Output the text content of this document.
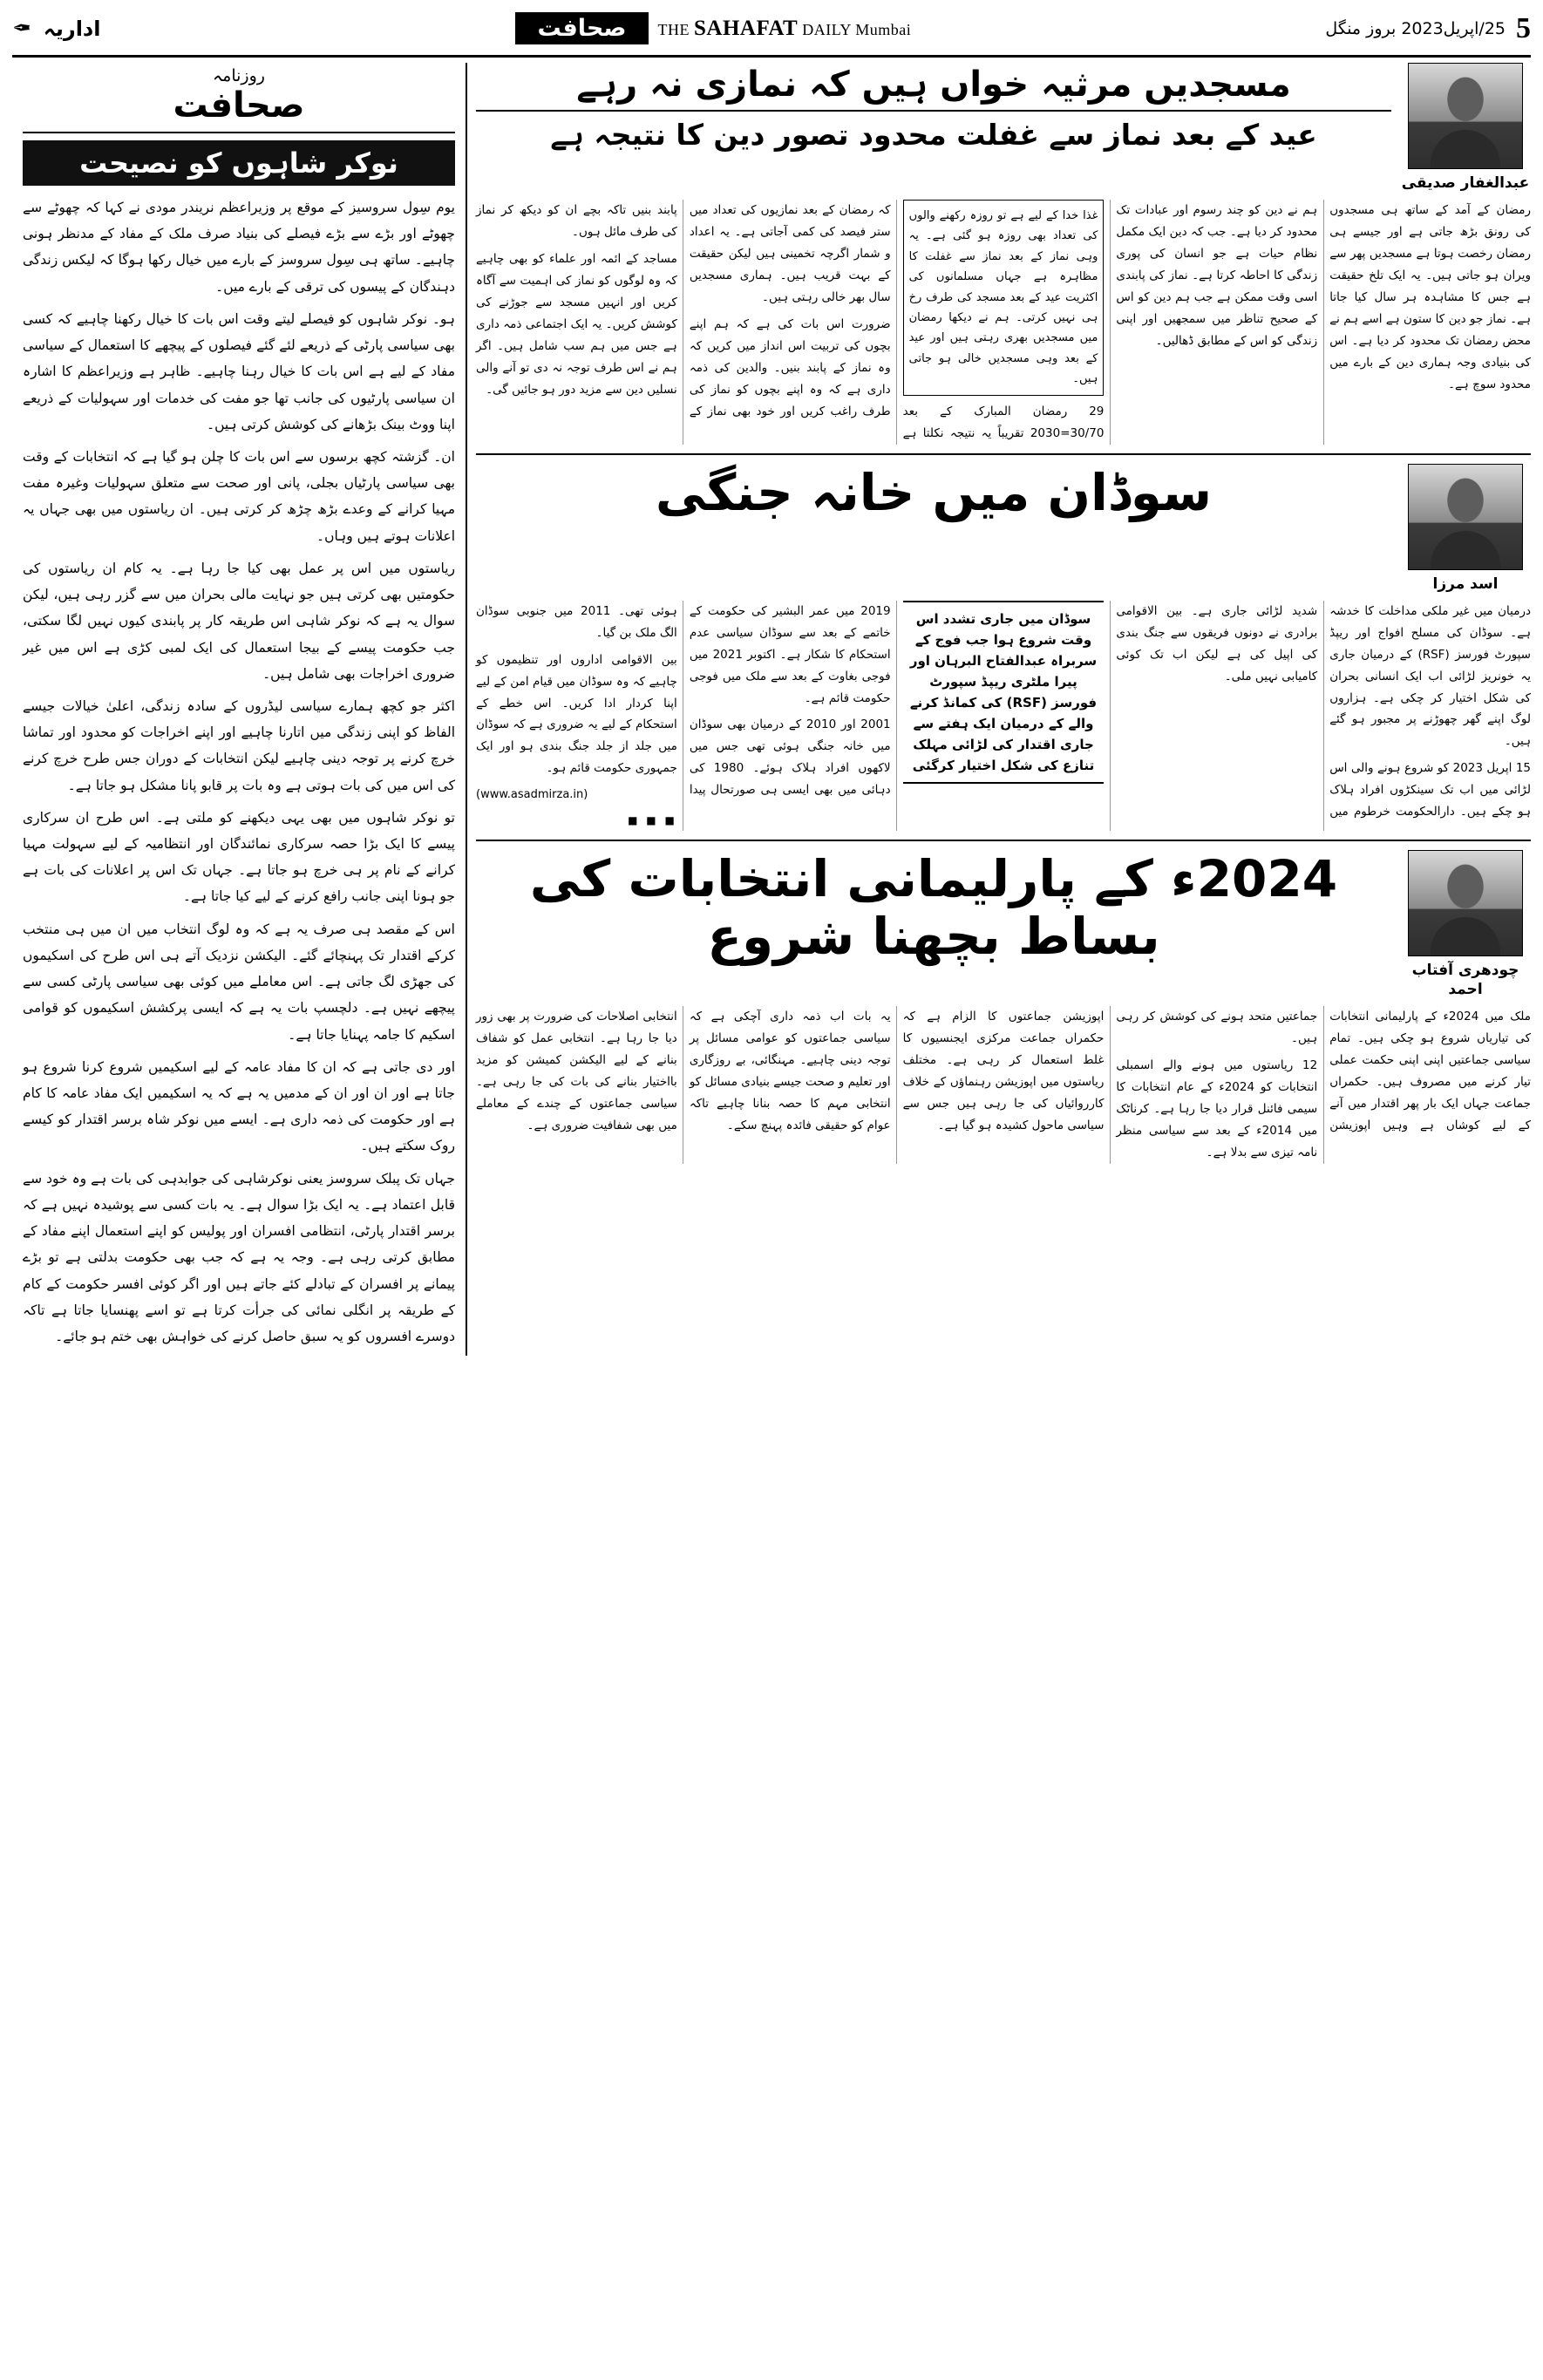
5
25/اپریل2023 بروز منگل
THE SAHAFAT DAILY Mumbai
صحافت
اداریہ
✒
عبدالغفار صدیقی
مسجدیں مرثیہ خواں ہیں کہ نمازی نہ رہے
عید کے بعد نماز سے غفلت محدود تصور دین کا نتیجہ ہے

رمضان کے آمد کے ساتھ ہی مسجدوں کی رونق بڑھ جاتی ہے اور جیسے ہی رمضان رخصت ہوتا ہے مسجدیں پھر سے ویران ہو جاتی ہیں۔ یہ ایک تلخ حقیقت ہے جس کا مشاہدہ ہر سال کیا جاتا ہے۔ نماز جو دین کا ستون ہے اسے ہم نے محض رمضان تک محدود کر دیا ہے۔ اس کی بنیادی وجہ ہماری دین کے بارے میں محدود سوچ ہے۔

ہم نے دین کو چند رسوم اور عبادات تک محدود کر دیا ہے۔ جب کہ دین ایک مکمل نظام حیات ہے جو انسان کی پوری زندگی کا احاطہ کرتا ہے۔ نماز کی پابندی اسی وقت ممکن ہے جب ہم دین کو اس کے صحیح تناظر میں سمجھیں اور اپنی زندگی کو اس کے مطابق ڈھالیں۔

غذا خدا کے لیے ہے تو روزہ رکھنے والوں کی تعداد بھی روزہ ہو گئی ہے۔ یہ وہی نماز کے بعد نماز سے غفلت کا مظاہرہ ہے جہاں مسلمانوں کی اکثریت عید کے بعد مسجد کی طرف رخ ہی نہیں کرتی۔ ہم نے دیکھا رمضان میں مسجدیں بھری رہتی ہیں اور عید کے بعد وہی مسجدیں خالی ہو جاتی ہیں۔

29 رمضان المبارک کے بعد 30/70=2030 تقریباً یہ نتیجہ نکلتا ہے کہ رمضان کے بعد نمازیوں کی تعداد میں ستر فیصد کی کمی آجاتی ہے۔ یہ اعداد و شمار اگرچہ تخمینی ہیں لیکن حقیقت کے بہت قریب ہیں۔ ہماری مسجدیں سال بھر خالی رہتی ہیں۔

ضرورت اس بات کی ہے کہ ہم اپنے بچوں کی تربیت اس انداز میں کریں کہ وہ نماز کے پابند بنیں۔ والدین کی ذمہ داری ہے کہ وہ اپنے بچوں کو نماز کی طرف راغب کریں اور خود بھی نماز کے پابند بنیں تاکہ بچے ان کو دیکھ کر نماز کی طرف مائل ہوں۔

مساجد کے ائمہ اور علماء کو بھی چاہیے کہ وہ لوگوں کو نماز کی اہمیت سے آگاہ کریں اور انہیں مسجد سے جوڑنے کی کوشش کریں۔ یہ ایک اجتماعی ذمہ داری ہے جس میں ہم سب شامل ہیں۔ اگر ہم نے اس طرف توجہ نہ دی تو آنے والی نسلیں دین سے مزید دور ہو جائیں گی۔

اسد مرزا
سوڈان میں خانہ جنگی

درمیان میں غیر ملکی مداخلت کا خدشہ ہے۔ سوڈان کی مسلح افواج اور ریپڈ سپورٹ فورسز (RSF) کے درمیان جاری یہ خونریز لڑائی اب ایک انسانی بحران کی شکل اختیار کر چکی ہے۔ ہزاروں لوگ اپنے گھر چھوڑنے پر مجبور ہو گئے ہیں۔

15 اپریل 2023 کو شروع ہونے والی اس لڑائی میں اب تک سینکڑوں افراد ہلاک ہو چکے ہیں۔ دارالحکومت خرطوم میں شدید لڑائی جاری ہے۔ بین الاقوامی برادری نے دونوں فریقوں سے جنگ بندی کی اپیل کی ہے لیکن اب تک کوئی کامیابی نہیں ملی۔

سوڈان میں جاری تشدد اس وقت شروع ہوا جب فوج کے سربراہ عبدالفتاح البرہان اور پیرا ملٹری ریپڈ سپورٹ فورسز (RSF) کی کمانڈ کرنے والے کے درمیان ایک ہفتے سے جاری اقتدار کی لڑائی مہلک تنازع کی شکل اختیار کرگئی

2019 میں عمر البشیر کی حکومت کے خاتمے کے بعد سے سوڈان سیاسی عدم استحکام کا شکار ہے۔ اکتوبر 2021 میں فوجی بغاوت کے بعد سے ملک میں فوجی حکومت قائم ہے۔

2001 اور 2010 کے درمیان بھی سوڈان میں خانہ جنگی ہوئی تھی جس میں لاکھوں افراد ہلاک ہوئے۔ 1980 کی دہائی میں بھی ایسی ہی صورتحال پیدا ہوئی تھی۔ 2011 میں جنوبی سوڈان الگ ملک بن گیا۔

بین الاقوامی اداروں اور تنظیموں کو چاہیے کہ وہ سوڈان میں قیام امن کے لیے اپنا کردار ادا کریں۔ اس خطے کے استحکام کے لیے یہ ضروری ہے کہ سوڈان میں جلد از جلد جنگ بندی ہو اور ایک جمہوری حکومت قائم ہو۔

(www.asadmirza.in)

■ ■ ■

چودھری آفتاب احمد
2024ء کے پارلیمانی انتخابات کی بساط بچھنا شروع

ملک میں 2024ء کے پارلیمانی انتخابات کی تیاریاں شروع ہو چکی ہیں۔ تمام سیاسی جماعتیں اپنی اپنی حکمت عملی تیار کرنے میں مصروف ہیں۔ حکمراں جماعت جہاں ایک بار پھر اقتدار میں آنے کے لیے کوشاں ہے وہیں اپوزیشن جماعتیں متحد ہونے کی کوشش کر رہی ہیں۔

12 ریاستوں میں ہونے والے اسمبلی انتخابات کو 2024ء کے عام انتخابات کا سیمی فائنل قرار دیا جا رہا ہے۔ کرناٹک میں 2014ء کے بعد سے سیاسی منظر نامہ تیزی سے بدلا ہے۔

اپوزیشن جماعتوں کا الزام ہے کہ حکمراں جماعت مرکزی ایجنسیوں کا غلط استعمال کر رہی ہے۔ مختلف ریاستوں میں اپوزیشن رہنماؤں کے خلاف کارروائیاں کی جا رہی ہیں جس سے سیاسی ماحول کشیدہ ہو گیا ہے۔

یہ بات اب ذمہ داری آچکی ہے کہ سیاسی جماعتوں کو عوامی مسائل پر توجہ دینی چاہیے۔ مہنگائی، بے روزگاری اور تعلیم و صحت جیسے بنیادی مسائل کو انتخابی مہم کا حصہ بنانا چاہیے تاکہ عوام کو حقیقی فائدہ پہنچ سکے۔

انتخابی اصلاحات کی ضرورت پر بھی زور دیا جا رہا ہے۔ انتخابی عمل کو شفاف بنانے کے لیے الیکشن کمیشن کو مزید بااختیار بنانے کی بات کی جا رہی ہے۔ سیاسی جماعتوں کے چندے کے معاملے میں بھی شفافیت ضروری ہے۔

روزنامہ
صحافت
نوکر شاہوں کو نصیحت

یوم سِول سروسیز کے موقع پر وزیراعظم نریندر مودی نے کہا کہ چھوٹے سے چھوٹے اور بڑے سے بڑے فیصلے کی بنیاد صرف ملک کے مفاد کے مدنظر ہونی چاہیے۔ ساتھ ہی سِول سروسز کے بارے میں خیال رکھا ہوگا کہ لیکس زندگی دہندگان کے پیسوں کی ترقی کے بارے میں۔

ہو۔ نوکر شاہوں کو فیصلے لیتے وقت اس بات کا خیال رکھنا چاہیے کہ کسی بھی سیاسی پارٹی کے ذریعے لئے گئے فیصلوں کے پیچھے کا استعمال کے سیاسی مفاد کے لیے ہے اس بات کا خیال رہنا چاہیے۔ ظاہر ہے وزیراعظم کا اشارہ ان سیاسی پارٹیوں کی جانب تھا جو مفت کی خدمات اور سہولیات کے ذریعے اپنا ووٹ بینک بڑھانے کی کوشش کرتی ہیں۔

ان۔ گزشتہ کچھ برسوں سے اس بات کا چلن ہو گیا ہے کہ انتخابات کے وقت بھی سیاسی پارٹیاں بجلی، پانی اور صحت سے متعلق سہولیات وغیرہ مفت مہیا کرانے کے وعدے بڑھ چڑھ کر کرتی ہیں۔ ان ریاستوں میں بھی جہاں یہ اعلانات ہوتے ہیں وہاں۔

ریاستوں میں اس پر عمل بھی کیا جا رہا ہے۔ یہ کام ان ریاستوں کی حکومتیں بھی کرتی ہیں جو نہایت مالی بحران میں سے گزر رہی ہیں، لیکن سوال یہ ہے کہ نوکر شاہی اس طریقہ کار پر پابندی کیوں نہیں لگا سکتی، جب حکومت پیسے کے بیجا استعمال کی ایک لمبی کڑی ہے اس میں غیر ضروری اخراجات بھی شامل ہیں۔

اکثر جو کچھ ہمارے سیاسی لیڈروں کے سادہ زندگی، اعلیٰ خیالات جیسے الفاظ کو اپنی زندگی میں اتارنا چاہیے اور اپنے اخراجات کو محدود اور تماشا خرچ کرنے پر توجہ دینی چاہیے لیکن انتخابات کے دوران جس طرح خرچ کرنے کی اس میں کی بات ہوتی ہے وہ بات پر قابو پانا مشکل ہو جاتا ہے۔

تو نوکر شاہوں میں بھی یہی دیکھنے کو ملتی ہے۔ اس طرح ان سرکاری پیسے کا ایک بڑا حصہ سرکاری نمائندگان اور انتظامیہ کے لیے سہولت مہیا کرانے کے نام پر ہی خرچ ہو جاتا ہے۔ جہاں تک اس پر اعلانات کی بات ہے جو ہونا اپنی جانب رافع کرنے کے لیے کیا جاتا ہے۔

اس کے مقصد ہی صرف یہ ہے کہ وہ لوگ انتخاب میں ان میں ہی منتخب کرکے اقتدار تک پہنچائے گئے۔ الیکشن نزدیک آتے ہی اس طرح کی اسکیموں کی جھڑی لگ جاتی ہے۔ اس معاملے میں کوئی بھی سیاسی پارٹی کسی سے پیچھے نہیں ہے۔ دلچسپ بات یہ ہے کہ ایسی پرکشش اسکیموں کو قوامی اسکیم کا جامہ پہنایا جاتا ہے۔

اور دی جاتی ہے کہ ان کا مفاد عامہ کے لیے اسکیمیں شروع کرنا شروع ہو جاتا ہے اور ان اور ان کے مدمیں یہ ہے کہ یہ اسکیمیں ایک مفاد عامہ کا کام ہے اور حکومت کی ذمہ داری ہے۔ ایسے میں نوکر شاہ برسر اقتدار کو کیسے روک سکتے ہیں۔

جہاں تک پبلک سروسز یعنی نوکرشاہی کی جوابدہی کی بات ہے وہ خود سے قابل اعتماد ہے۔ یہ ایک بڑا سوال ہے۔ یہ بات کسی سے پوشیدہ نہیں ہے کہ برسر اقتدار پارٹی، انتظامی افسران اور پولیس کو اپنے استعمال اپنے مفاد کے مطابق کرتی رہی ہے۔ وجہ یہ ہے کہ جب بھی حکومت بدلتی ہے تو بڑے پیمانے پر افسران کے تبادلے کئے جاتے ہیں اور اگر کوئی افسر حکومت کے کام کے طریقہ پر انگلی نمائی کی جرأت کرتا ہے تو اسے پھنسایا جاتا ہے تاکہ دوسرے افسروں کو یہ سبق حاصل کرنے کی خواہش بھی ختم ہو جائے۔
